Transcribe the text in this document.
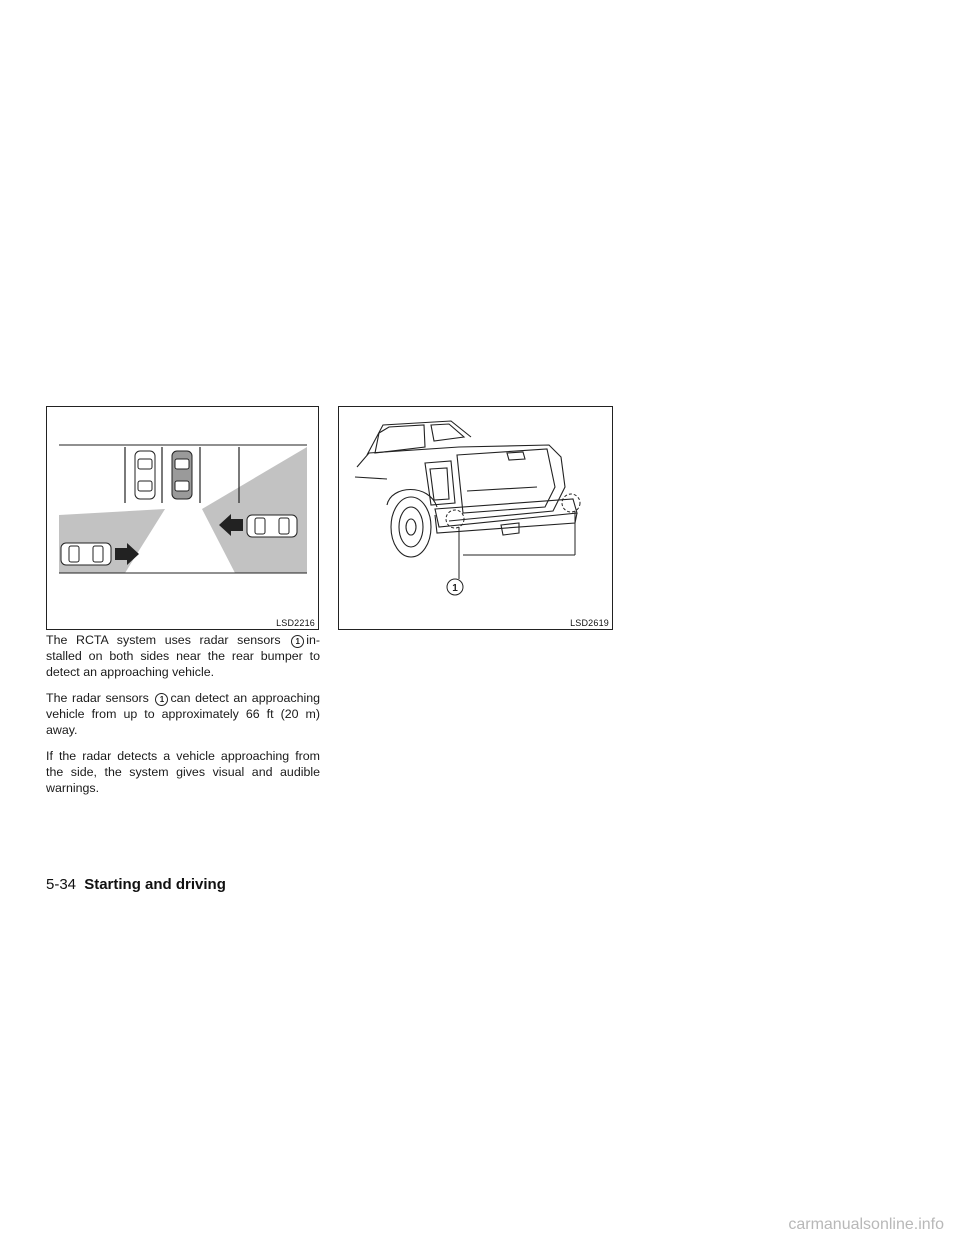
LSD2216
1
LSD2619

The RCTA system uses radar sensors 1 in- stalled on both sides near the rear bumper to detect an approaching vehicle.

The radar sensors 1 can detect an approaching vehicle from up to approximately 66 ft (20 m) away.

If the radar detects a vehicle approaching from the side, the system gives visual and audible warnings.

5-34 Starting and driving
carmanualsonline.info
